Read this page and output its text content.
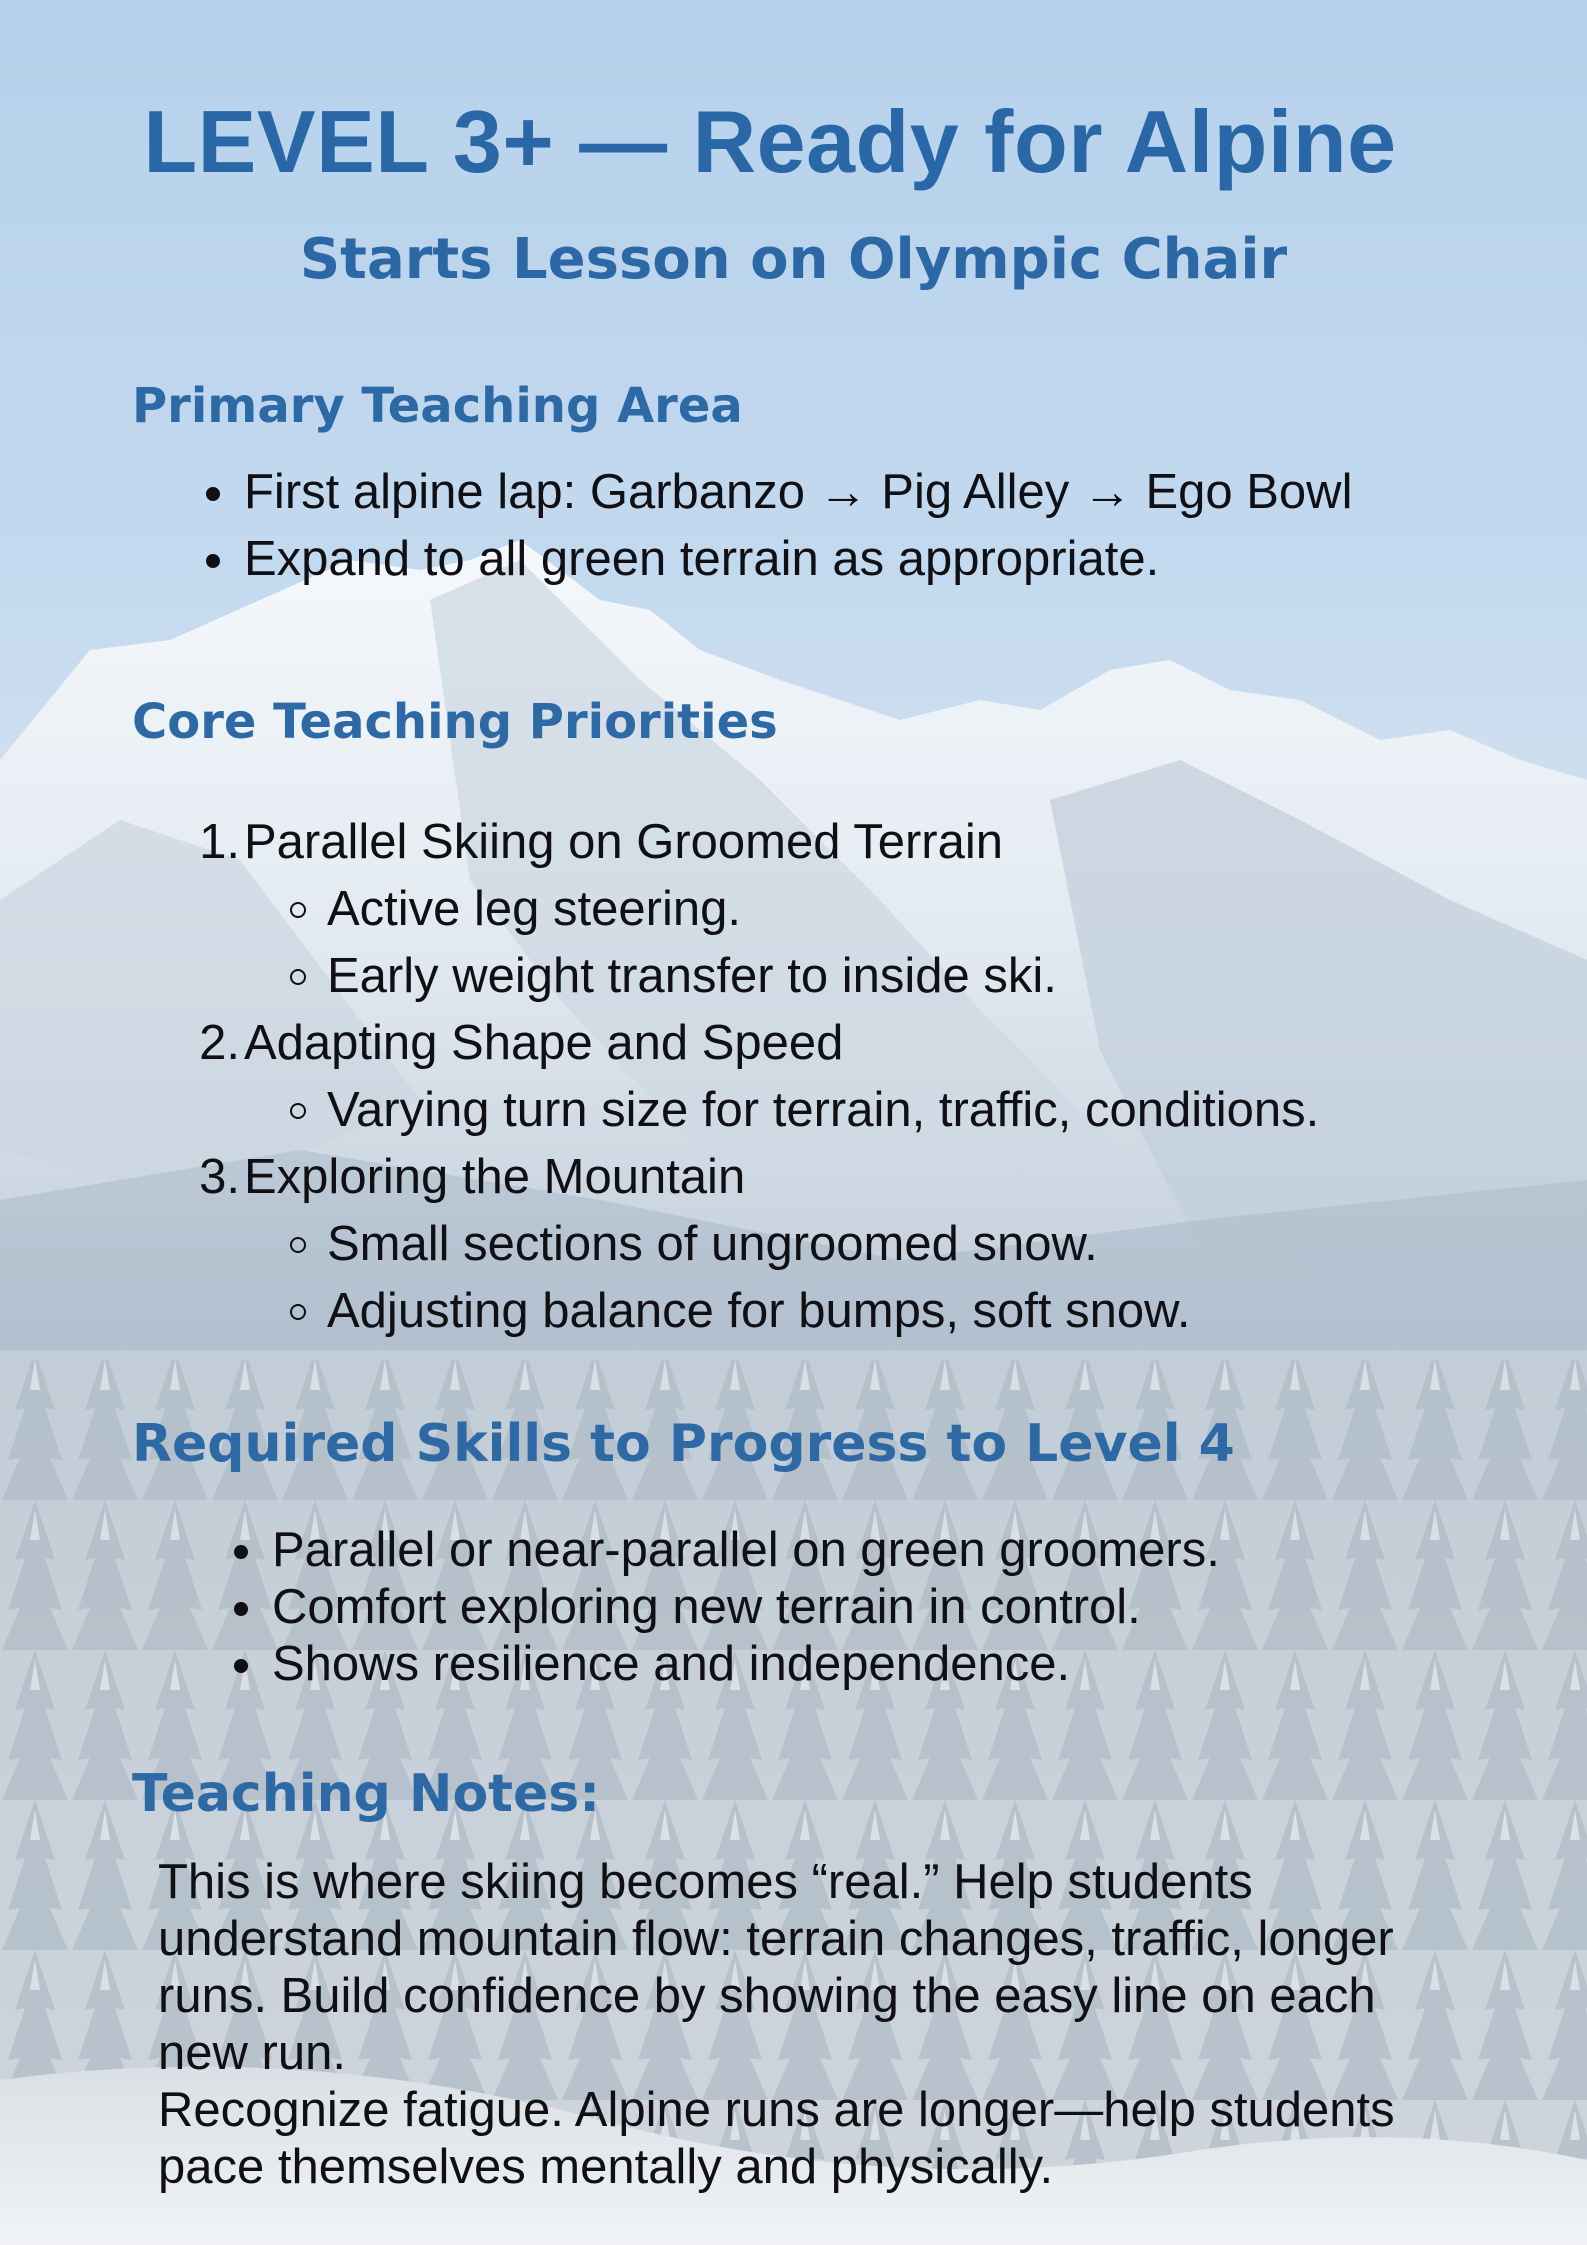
LEVEL 3+ — Ready for Alpine
Starts Lesson on Olympic Chair
Primary Teaching Area
First alpine lap: Garbanzo → Pig Alley → Ego Bowl
Expand to all green terrain as appropriate.
Core Teaching Priorities
1. Parallel Skiing on Groomed Terrain
Active leg steering.
Early weight transfer to inside ski.
2. Adapting Shape and Speed
Varying turn size for terrain, traffic, conditions.
3. Exploring the Mountain
Small sections of ungroomed snow.
Adjusting balance for bumps, soft snow.
Required Skills to Progress to Level 4
Parallel or near-parallel on green groomers.
Comfort exploring new terrain in control.
Shows resilience and independence.
Teaching Notes:

This is where skiing becomes “real.” Help students

understand mountain flow: terrain changes, traffic, longer

runs. Build confidence by showing the easy line on each

new run.

Recognize fatigue. Alpine runs are longer—help students

pace themselves mentally and physically.
